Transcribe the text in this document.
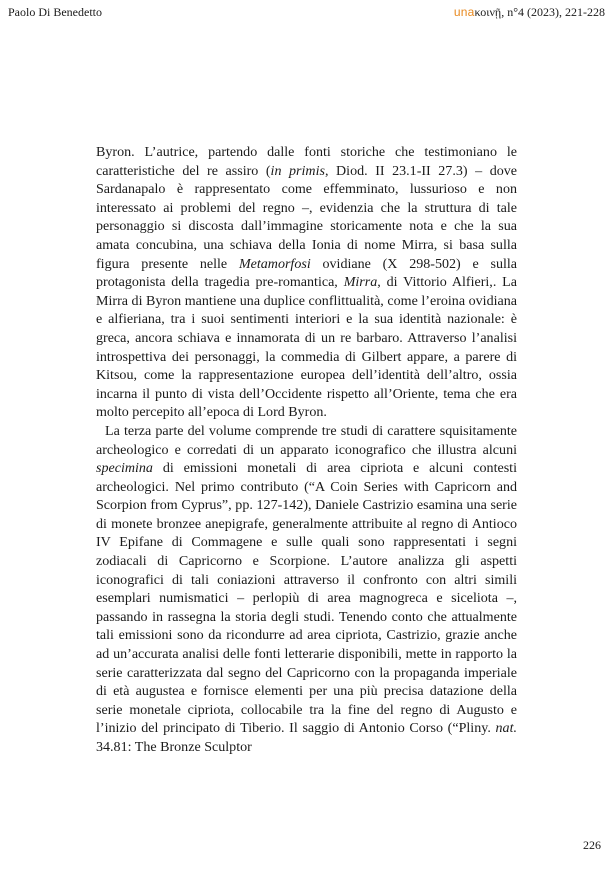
Paolo Di Benedetto	unaκοινῇ, n°4 (2023), 221-228

Byron. L’autrice, partendo dalle fonti storiche che testimoniano le caratteristiche del re assiro (in primis, Diod. II 23.1-II 27.3) – dove Sardanapalo è rappresentato come effemminato, lussurioso e non interessato ai problemi del regno –, evidenzia che la struttura di tale personaggio si discosta dall’immagine storicamente nota e che la sua amata concubina, una schiava della Ionia di nome Mirra, si basa sulla figura presente nelle Metamorfosi ovidiane (X 298-502) e sulla protagonista della tragedia pre-romantica, Mirra, di Vittorio Alfieri,. La Mirra di Byron mantiene una duplice conflittualità, come l’eroina ovidiana e alfieriana, tra i suoi sentimenti interiori e la sua identità nazionale: è greca, ancora schiava e innamorata di un re barbaro. Attraverso l’analisi introspettiva dei personaggi, la commedia di Gilbert appare, a parere di Kitsou, come la rappresentazione europea dell’identità dell’altro, ossia incarna il punto di vista dell’Occidente rispetto all’Oriente, tema che era molto percepito all’epoca di Lord Byron.

La terza parte del volume comprende tre studi di carattere squisitamente archeologico e corredati di un apparato iconografico che illustra alcuni specimina di emissioni monetali di area cipriota e alcuni contesti archeologici. Nel primo contributo (“A Coin Series with Capricorn and Scorpion from Cyprus”, pp. 127-142), Daniele Castrizio esamina una serie di monete bronzee anepigrafe, generalmente attribuite al regno di Antioco IV Epifane di Commagene e sulle quali sono rappresentati i segni zodiacali di Capricorno e Scorpione. L’autore analizza gli aspetti iconografici di tali coniazioni attraverso il confronto con altri simili esemplari numismatici – perlopiù di area magnogreca e siceliota –, passando in rassegna la storia degli studi. Tenendo conto che attualmente tali emissioni sono da ricondurre ad area cipriota, Castrizio, grazie anche ad un’accurata analisi delle fonti letterarie disponibili, mette in rapporto la serie caratterizzata dal segno del Capricorno con la propaganda imperiale di età augustea e fornisce elementi per una più precisa datazione della serie monetale cipriota, collocabile tra la fine del regno di Augusto e l’inizio del principato di Tiberio. Il saggio di Antonio Corso (“Pliny. nat. 34.81: The Bronze Sculptor

226
